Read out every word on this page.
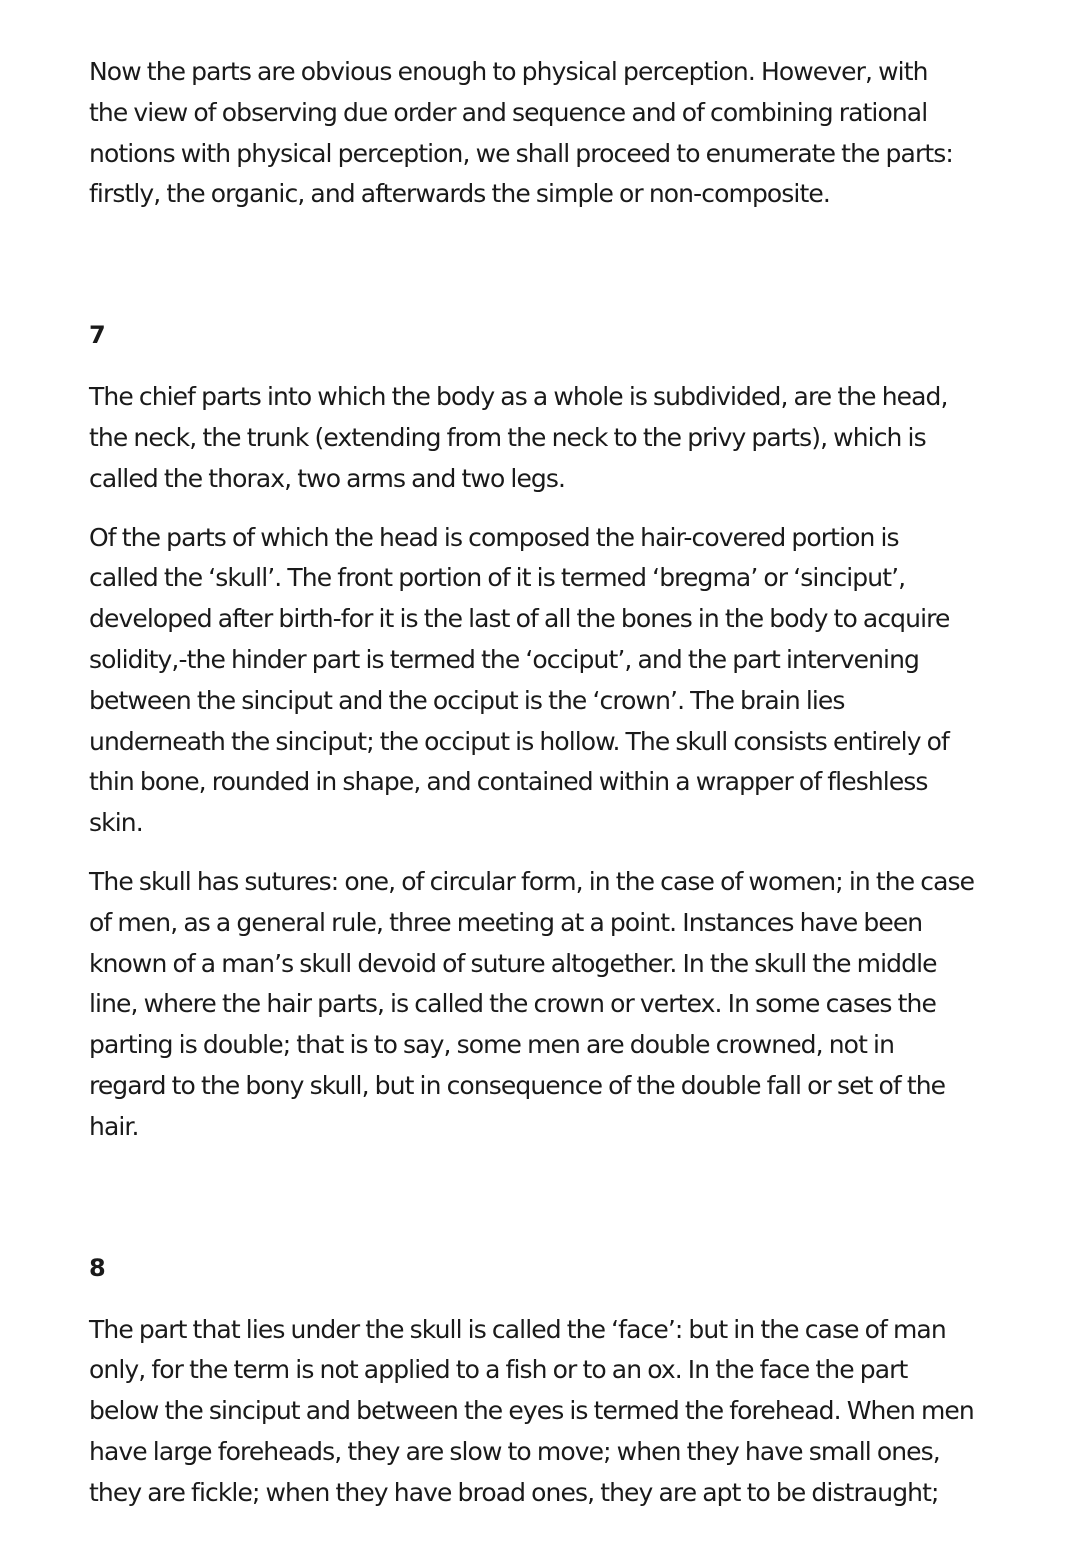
Now the parts are obvious enough to physical perception. However, with
the view of observing due order and sequence and of combining rational
notions with physical perception, we shall proceed to enumerate the parts:
firstly, the organic, and afterwards the simple or non-composite.

7

The chief parts into which the body as a whole is subdivided, are the head,
the neck, the trunk (extending from the neck to the privy parts), which is
called the thorax, two arms and two legs.

Of the parts of which the head is composed the hair-covered portion is
called the ‘skull’. The front portion of it is termed ‘bregma’ or ‘sinciput’,
developed after birth-for it is the last of all the bones in the body to acquire
solidity,-the hinder part is termed the ‘occiput’, and the part intervening
between the sinciput and the occiput is the ‘crown’. The brain lies
underneath the sinciput; the occiput is hollow. The skull consists entirely of
thin bone, rounded in shape, and contained within a wrapper of fleshless
skin.

The skull has sutures: one, of circular form, in the case of women; in the case
of men, as a general rule, three meeting at a point. Instances have been
known of a man’s skull devoid of suture altogether. In the skull the middle
line, where the hair parts, is called the crown or vertex. In some cases the
parting is double; that is to say, some men are double crowned, not in
regard to the bony skull, but in consequence of the double fall or set of the
hair.

8

The part that lies under the skull is called the ‘face’: but in the case of man
only, for the term is not applied to a fish or to an ox. In the face the part
below the sinciput and between the eyes is termed the forehead. When men
have large foreheads, they are slow to move; when they have small ones,
they are fickle; when they have broad ones, they are apt to be distraught;
